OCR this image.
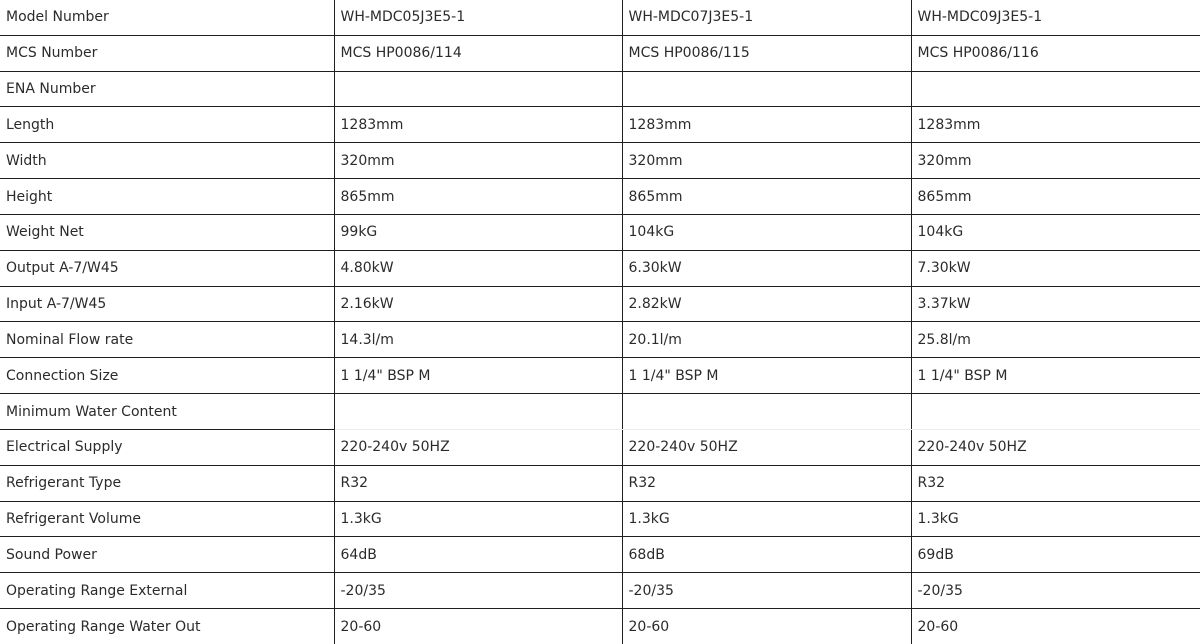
Model Number	WH-MDC05J3E5-1	WH-MDC07J3E5-1	WH-MDC09J3E5-1
MCS Number	MCS HP0086/114	MCS HP0086/115	MCS HP0086/116
ENA Number			
Length	1283mm	1283mm	1283mm
Width	320mm	320mm	320mm
Height	865mm	865mm	865mm
Weight Net	99kG	104kG	104kG
Output A-7/W45	4.80kW	6.30kW	7.30kW
Input A-7/W45	2.16kW	2.82kW	3.37kW
Nominal Flow rate	14.3l/m	20.1l/m	25.8l/m
Connection Size	1 1/4" BSP M	1 1/4" BSP M	1 1/4" BSP M
Minimum Water Content			
Electrical Supply	220-240v 50HZ	220-240v 50HZ	220-240v 50HZ
Refrigerant Type	R32	R32	R32
Refrigerant Volume	1.3kG	1.3kG	1.3kG
Sound Power	64dB	68dB	69dB
Operating Range External	-20/35	-20/35	-20/35
Operating Range Water Out	20-60	20-60	20-60
